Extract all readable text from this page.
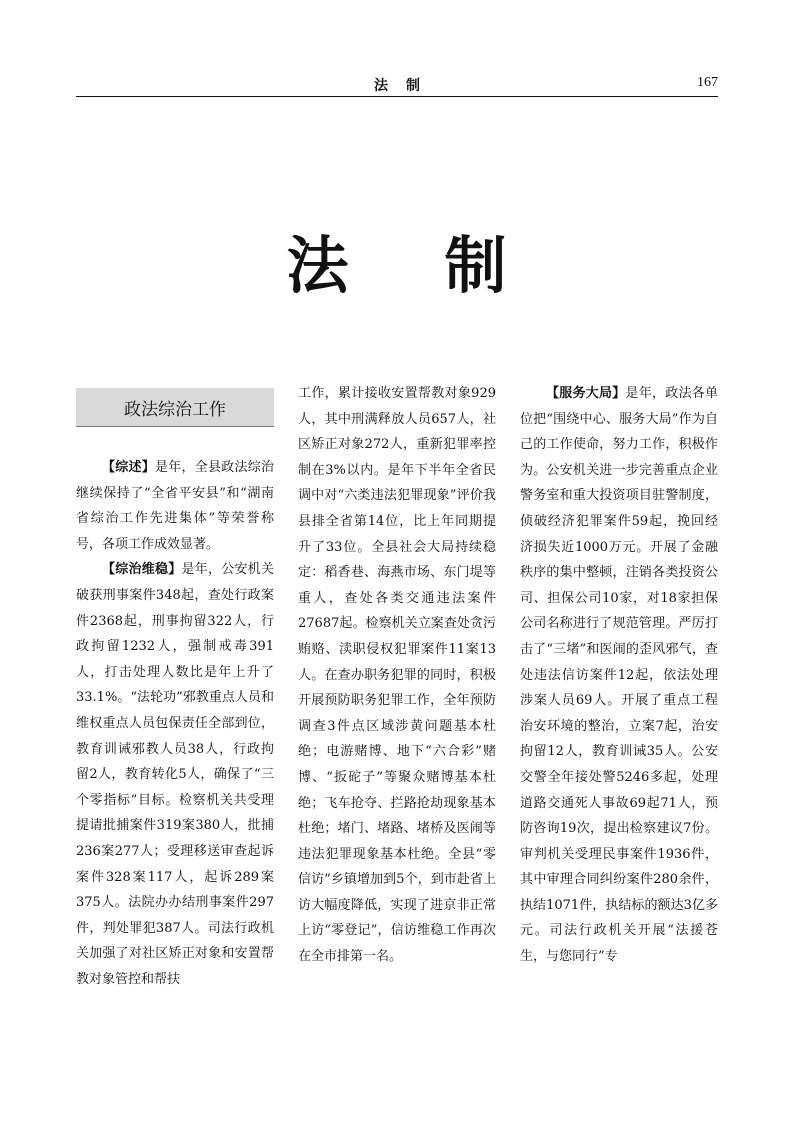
法制	167
法制
政法综治工作

【综述】是年，全县政法综治继续保持了“全省平安县”和“湖南省综治工作先进集体”等荣誉称号，各项工作成效显著。

【综治维稳】是年，公安机关破获刑事案件348起，查处行政案件2368起，刑事拘留322人，行政拘留1232人，强制戒毒391人，打击处理人数比是年上升了33.1%。“法轮功”邪教重点人员和维权重点人员包保责任全部到位，教育训诫邪教人员38人，行政拘留2人，教育转化5人，确保了“三个零指标”目标。检察机关共受理提请批捕案件319案380人，批捕236案277人；受理移送审查起诉案件328案117人，起诉289案375人。法院办办结刑事案件297件，判处罪犯387人。司法行政机关加强了对社区矫正对象和安置帮教对象管控和帮扶

工作，累计接收安置帮教对象929人，其中刑满释放人员657人，社区矫正对象272人，重新犯罪率控制在3%以内。是年下半年全省民调中对“六类违法犯罪现象”评价我县排全省第14位，比上年同期提升了33位。全县社会大局持续稳定：稻香巷、海燕市场、东门堤等重人，查处各类交通违法案件27687起。检察机关立案查处贪污贿赂、渎职侵权犯罪案件11案13人。在查办职务犯罪的同时，积极开展预防职务犯罪工作，全年预防调查3件点区域涉黄问题基本杜绝；电游赌博、地下“六合彩”赌博、“扳砣子”等聚众赌博基本杜绝；飞车抢夺、拦路抢劫现象基本杜绝；堵门、堵路、堵桥及医闹等违法犯罪现象基本杜绝。全县“零信访”乡镇增加到5个，到市赴省上访大幅度降低，实现了进京非正常上访“零登记”，信访维稳工作再次在全市排第一名。

【服务大局】是年，政法各单位把“围绕中心、服务大局”作为自己的工作使命，努力工作，积极作为。公安机关进一步完善重点企业警务室和重大投资项目驻警制度，侦破经济犯罪案件59起，挽回经济损失近1000万元。开展了金融秩序的集中整顿，注销各类投资公司、担保公司10家，对18家担保公司名称进行了规范管理。严厉打击了“三堵”和医闹的歪风邪气，查处违法信访案件12起，依法处理涉案人员69人。开展了重点工程治安环境的整治，立案7起，治安拘留12人，教育训诫35人。公安交警全年接处警5246多起，处理道路交通死人事故69起71人，预防咨询19次，提出检察建议7份。审判机关受理民事案件1936件，其中审理合同纠纷案件280余件，执结1071件，执结标的额达3亿多元。司法行政机关开展“法援苍生，与您同行”专
